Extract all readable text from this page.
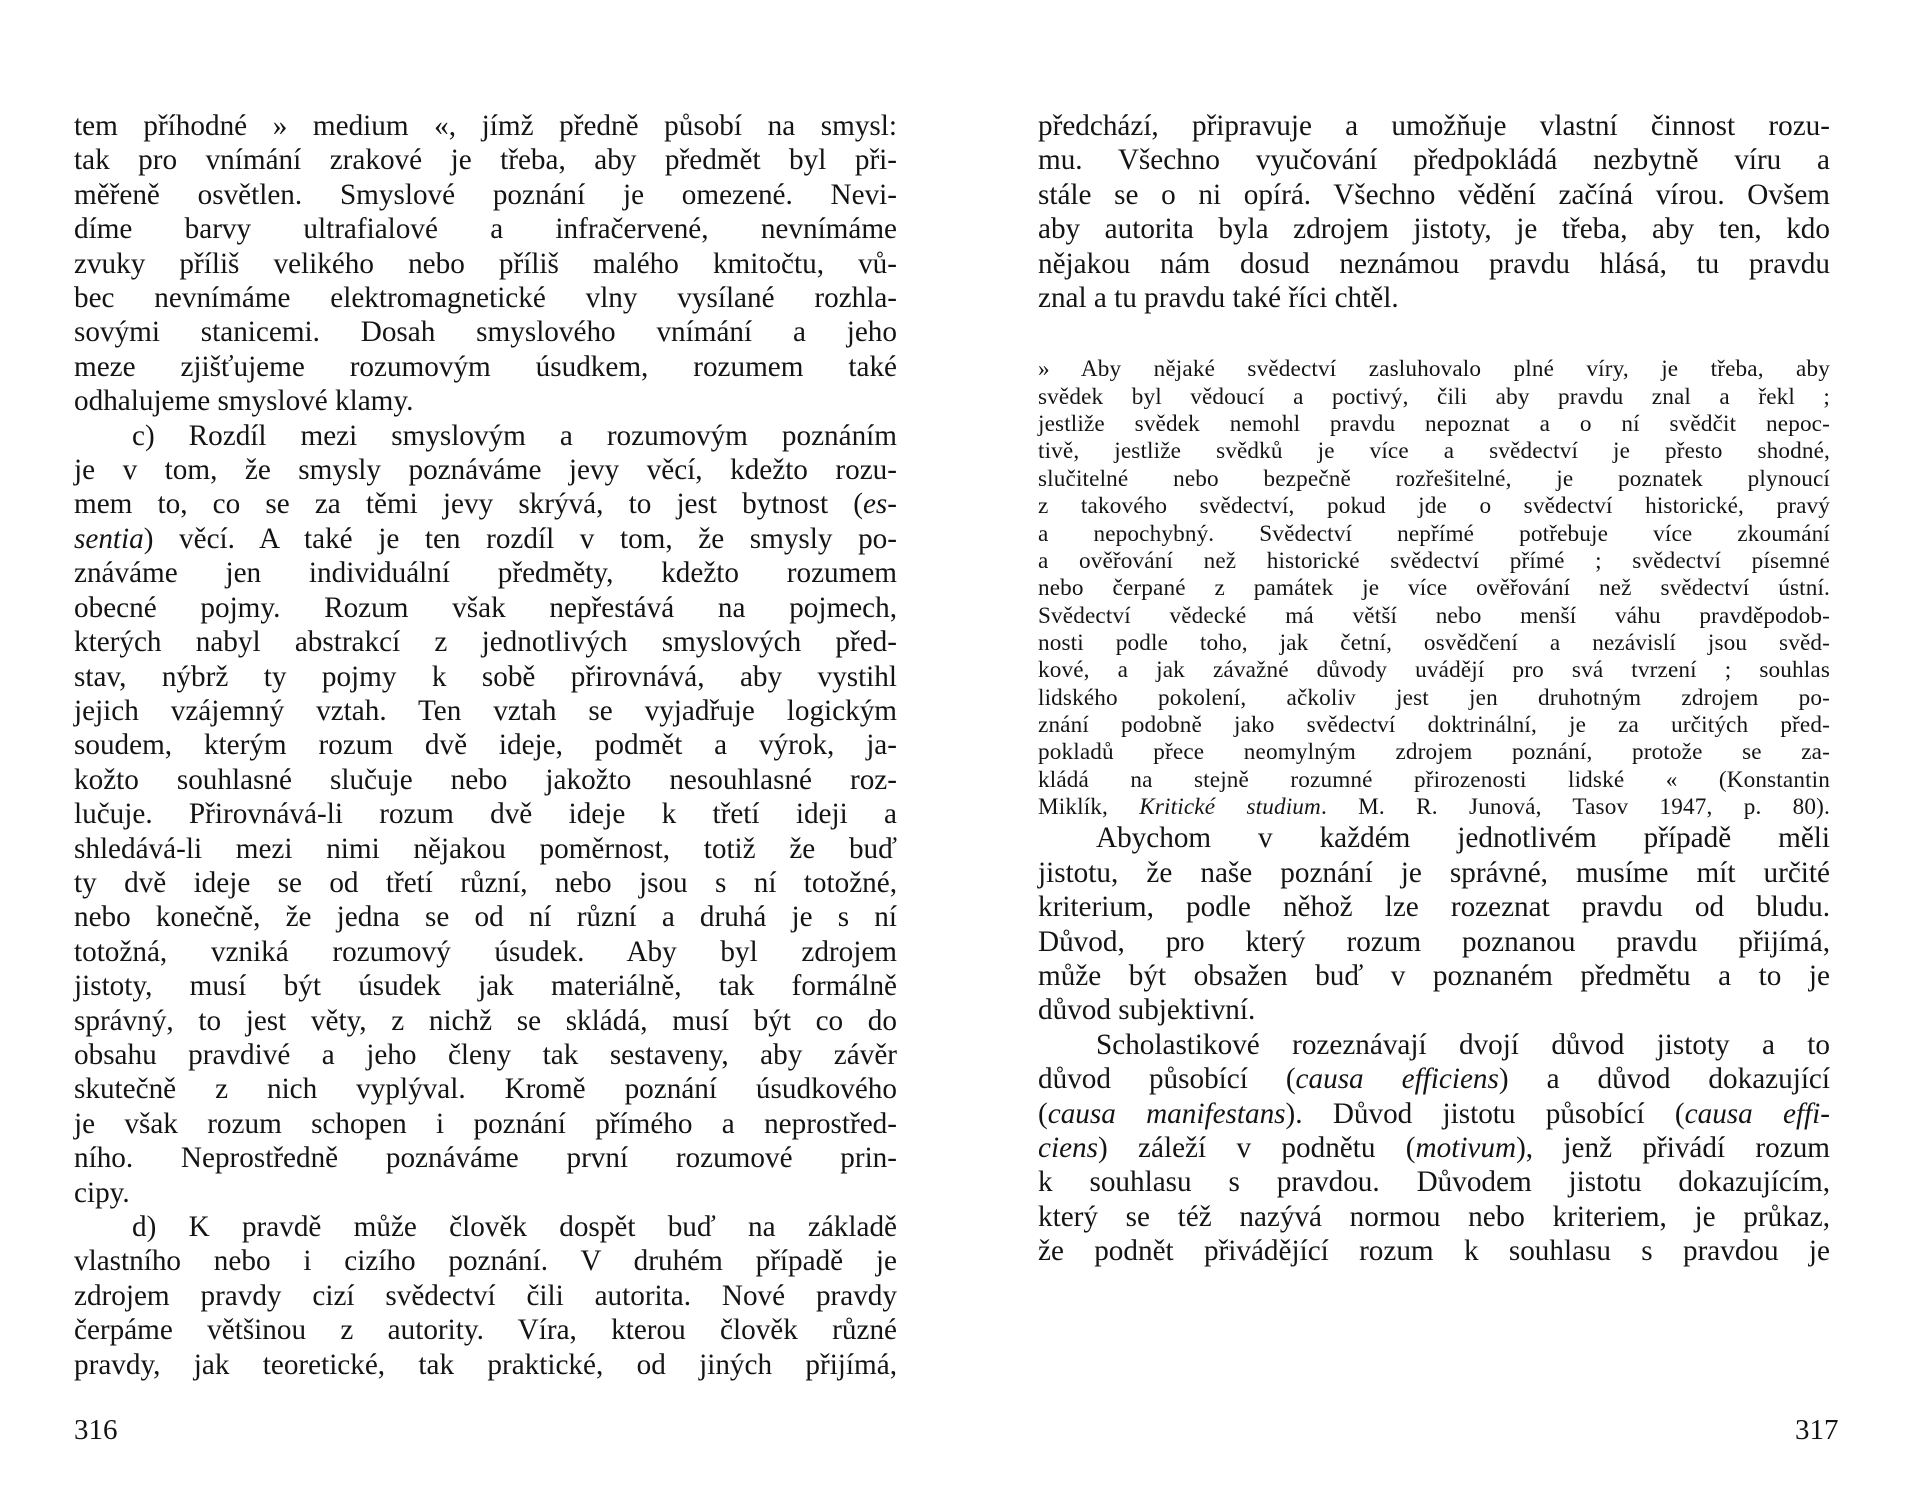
tem příhodné » medium «, jímž předně působí na smysl:
tak pro vnímání zrakové je třeba, aby předmět byl při-
měřeně osvětlen. Smyslové poznání je omezené. Nevi-
díme barvy ultrafialové a infračervené, nevnímáme
zvuky příliš velikého nebo příliš malého kmitočtu, vů-
bec nevnímáme elektromagnetické vlny vysílané rozhla-
sovými stanicemi. Dosah smyslového vnímání a jeho
meze zjišťujeme rozumovým úsudkem, rozumem také
odhalujeme smyslové klamy.

c) Rozdíl mezi smyslovým a rozumovým poznáním
je v tom, že smysly poznáváme jevy věcí, kdežto rozu-
mem to, co se za těmi jevy skrývá, to jest bytnost (es-
sentia) věcí. A také je ten rozdíl v tom, že smysly po-
znáváme jen individuální předměty, kdežto rozumem
obecné pojmy. Rozum však nepřestává na pojmech,
kterých nabyl abstrakcí z jednotlivých smyslových před-
stav, nýbrž ty pojmy k sobě přirovnává, aby vystihl
jejich vzájemný vztah. Ten vztah se vyjadřuje logickým
soudem, kterým rozum dvě ideje, podmět a výrok, ja-
kožto souhlasné slučuje nebo jakožto nesouhlasné roz-
lučuje. Přirovnává-li rozum dvě ideje k třetí ideji a
shledává-li mezi nimi nějakou poměrnost, totiž že buď
ty dvě ideje se od třetí různí, nebo jsou s ní totožné,
nebo konečně, že jedna se od ní různí a druhá je s ní
totožná, vzniká rozumový úsudek. Aby byl zdrojem
jistoty, musí být úsudek jak materiálně, tak formálně
správný, to jest věty, z nichž se skládá, musí být co do
obsahu pravdivé a jeho členy tak sestaveny, aby závěr
skutečně z nich vyplýval. Kromě poznání úsudkového
je však rozum schopen i poznání přímého a neprostřed-
ního. Neprostředně poznáváme první rozumové prin-
cipy.

d) K pravdě může člověk dospět buď na základě
vlastního nebo i cizího poznání. V druhém případě je
zdrojem pravdy cizí svědectví čili autorita. Nové pravdy
čerpáme většinou z autority. Víra, kterou člověk různé
pravdy, jak teoretické, tak praktické, od jiných přijímá,

316

předchází, připravuje a umožňuje vlastní činnost rozu-
mu. Všechno vyučování předpokládá nezbytně víru a
stále se o ni opírá. Všechno vědění začíná vírou. Ovšem
aby autorita byla zdrojem jistoty, je třeba, aby ten, kdo
nějakou nám dosud neznámou pravdu hlásá, tu pravdu
znal a tu pravdu také říci chtěl.

» Aby nějaké svědectví zasluhovalo plné víry, je třeba, aby
svědek byl vědoucí a poctivý, čili aby pravdu znal a řekl ;
jestliže svědek nemohl pravdu nepoznat a o ní svědčit nepoc-
tivě, jestliže svědků je více a svědectví je přesto shodné,
slučitelné nebo bezpečně rozřešitelné, je poznatek plynoucí
z takového svědectví, pokud jde o svědectví historické, pravý
a nepochybný. Svědectví nepřímé potřebuje více zkoumání
a ověřování než historické svědectví přímé ; svědectví písemné
nebo čerpané z památek je více ověřování než svědectví ústní.
Svědectví vědecké má větší nebo menší váhu pravděpodob-
nosti podle toho, jak četní, osvědčení a nezávislí jsou svěd-
kové, a jak závažné důvody uvádějí pro svá tvrzení ; souhlas
lidského pokolení, ačkoliv jest jen druhotným zdrojem po-
znání podobně jako svědectví doktrinální, je za určitých před-
pokladů přece neomylným zdrojem poznání, protože se za-
kládá na stejně rozumné přirozenosti lidské « (Konstantin
Miklík, Kritické studium. M. R. Junová, Tasov 1947, p. 80).

Abychom v každém jednotlivém případě měli
jistotu, že naše poznání je správné, musíme mít určité
kriterium, podle něhož lze rozeznat pravdu od bludu.
Důvod, pro který rozum poznanou pravdu přijímá,
může být obsažen buď v poznaném předmětu a to je
důvod subjektivní.

Scholastikové rozeznávají dvojí důvod jistoty a to
důvod působící (causa efficiens) a důvod dokazující
(causa manifestans). Důvod jistotu působící (causa effi-
ciens) záleží v podnětu (motivum), jenž přivádí rozum
k souhlasu s pravdou. Důvodem jistotu dokazujícím,
který se též nazývá normou nebo kriteriem, je průkaz,
že podnět přivádějící rozum k souhlasu s pravdou je

317
